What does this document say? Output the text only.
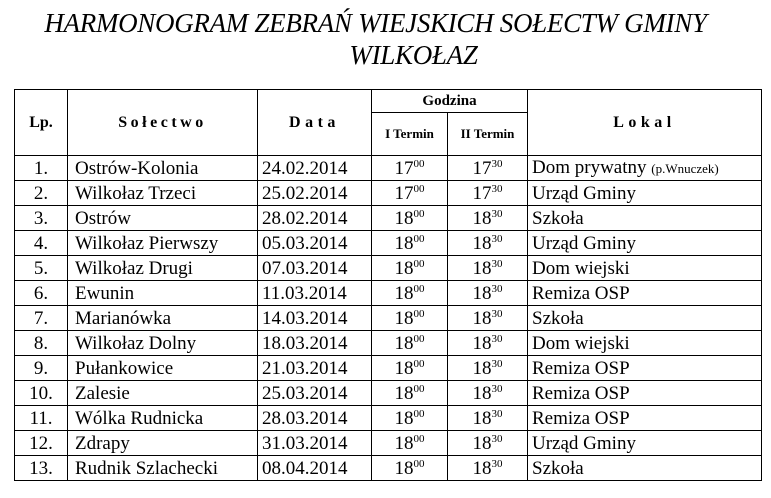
HARMONOGRAM ZEBRAŃ WIEJSKICH SOŁECTW GMINY
WILKOŁAZ
Lp.	Sołectwo	Data	Godzina		Lokal
			I Termin	II Termin	
1.	Ostrów-Kolonia	24.02.2014	$17^{00}$	$17^{30}$	Dom prywatny (p.Wnuczek)
2.	Wilkołaz Trzeci	25.02.2014	$17^{00}$	$17^{30}$	Urząd Gminy
3.	Ostrów	28.02.2014	$18^{00}$	$18^{30}$	Szkoła
4.	Wilkołaz Pierwszy	05.03.2014	$18^{00}$	$18^{30}$	Urząd Gminy
5.	Wilkołaz Drugi	07.03.2014	$18^{00}$	$18^{30}$	Dom wiejski
6.	Ewunin	11.03.2014	$18^{00}$	$18^{30}$	Remiza OSP
7.	Marianówka	14.03.2014	$18^{00}$	$18^{30}$	Szkoła
8.	Wilkołaz Dolny	18.03.2014	$18^{00}$	$18^{30}$	Dom wiejski
9.	Pułankowice	21.03.2014	$18^{00}$	$18^{30}$	Remiza OSP
10.	Zalesie	25.03.2014	$18^{00}$	$18^{30}$	Remiza OSP
11.	Wólka Rudnicka	28.03.2014	$18^{00}$	$18^{30}$	Remiza OSP
12.	Zdrapy	31.03.2014	$18^{00}$	$18^{30}$	Urząd Gminy
13.	Rudnik Szlachecki	08.04.2014	$18^{00}$	$18^{30}$	Szkoła
